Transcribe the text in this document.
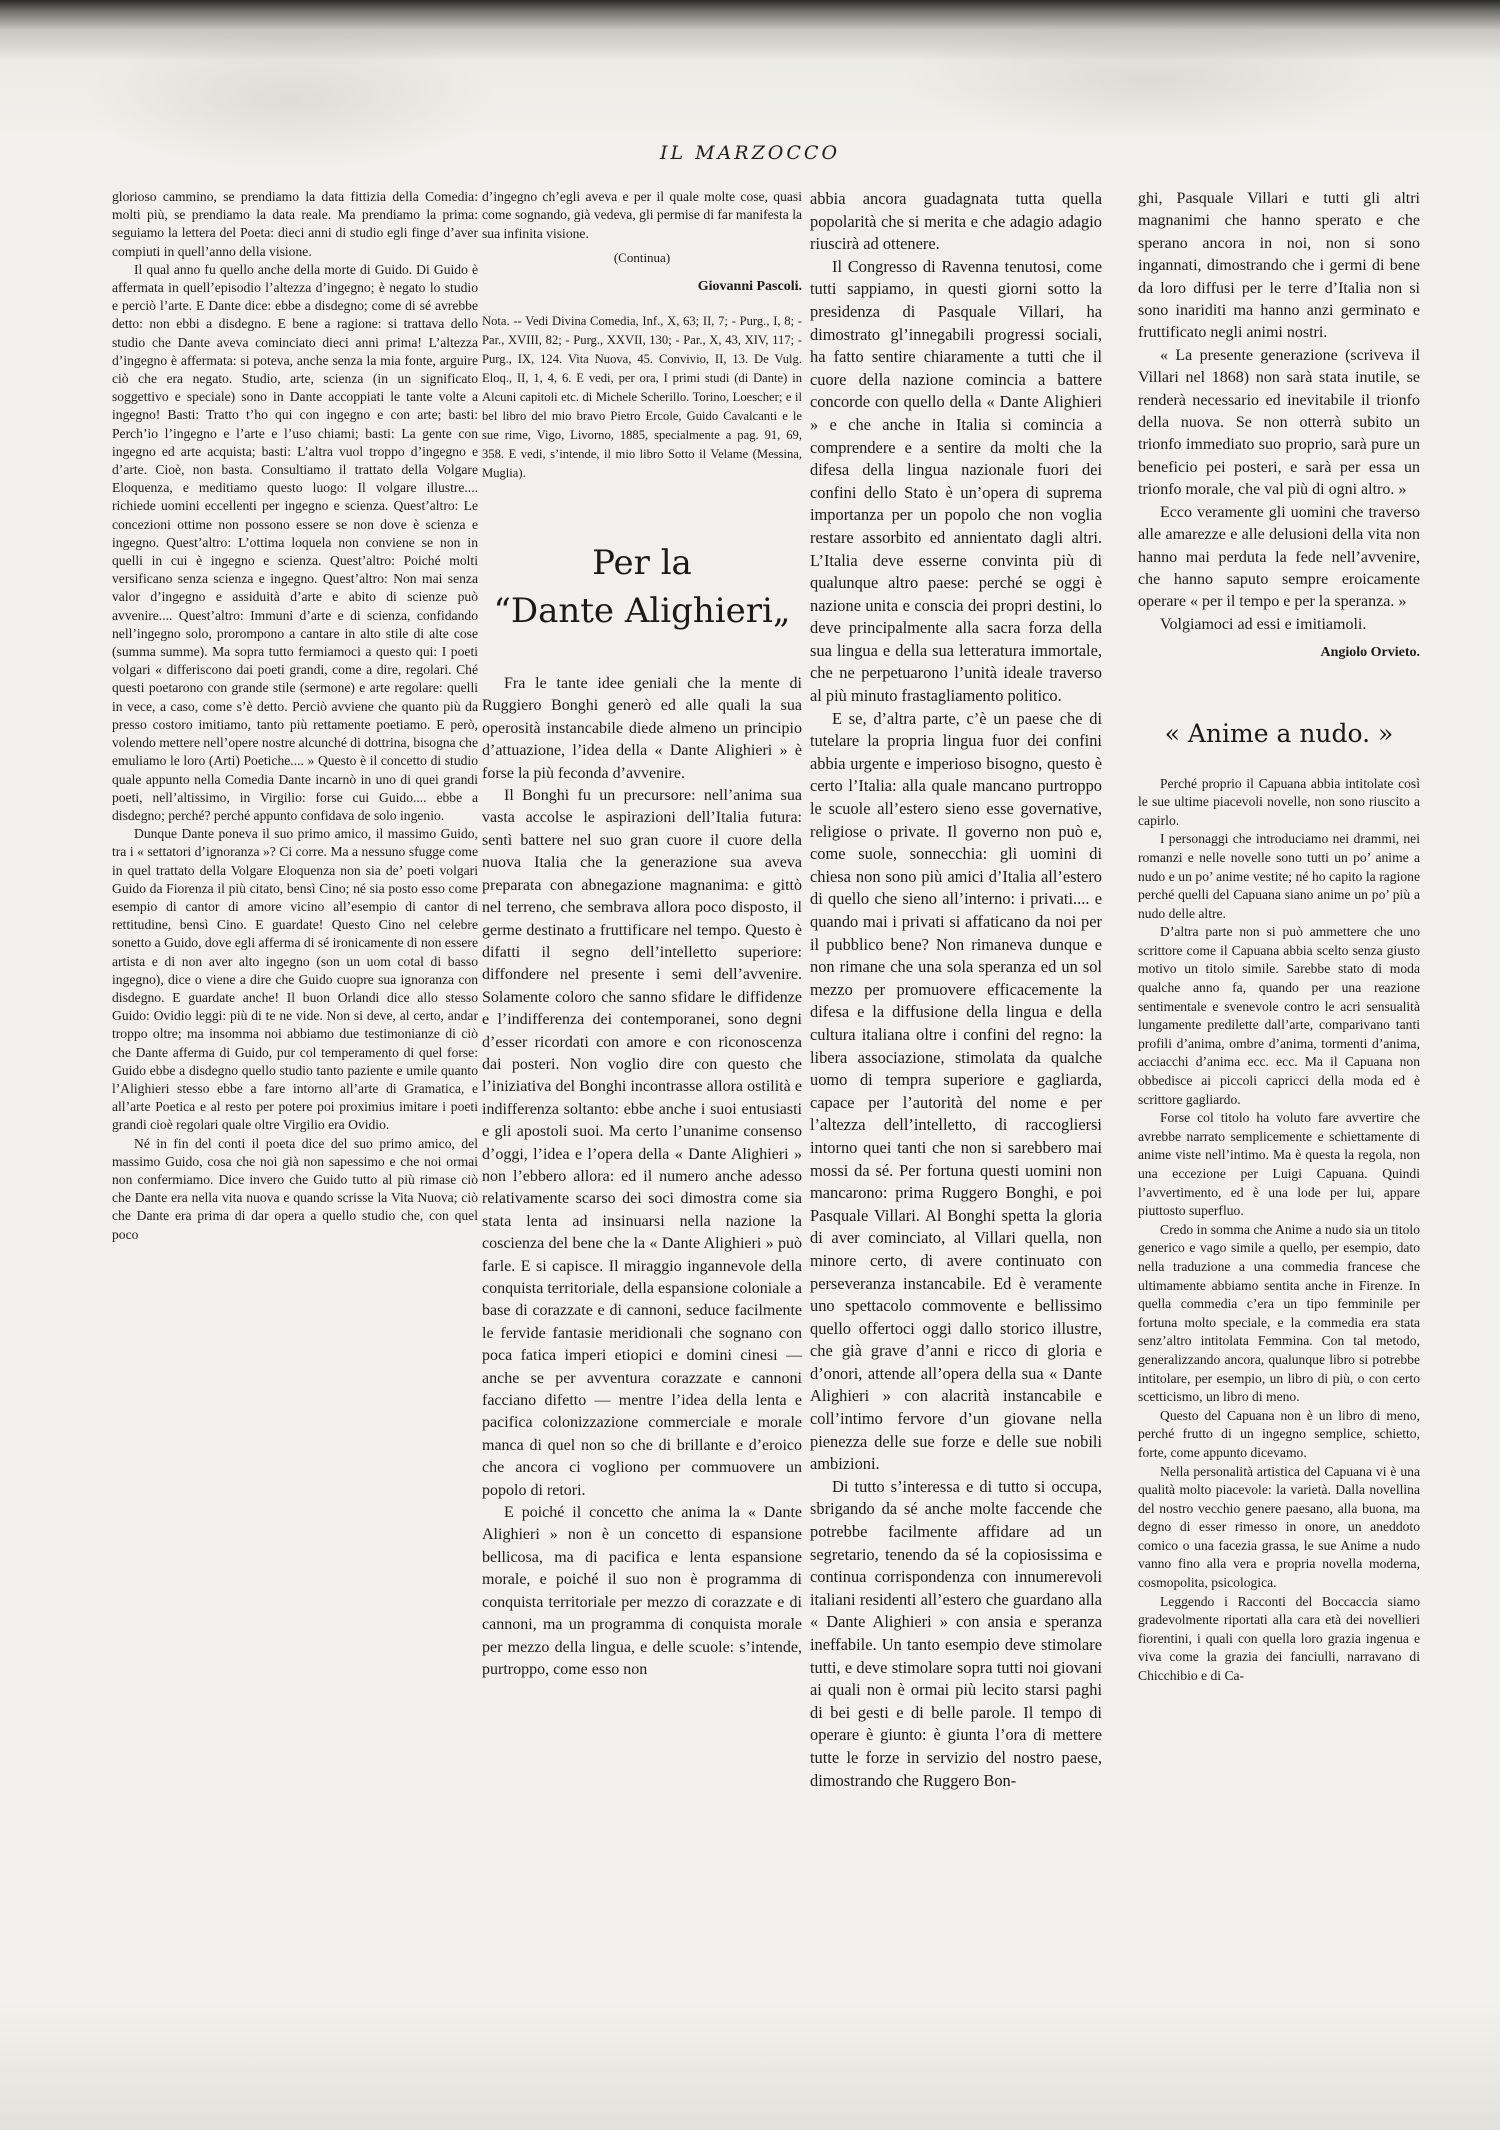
IL MARZOCCO

glorioso cammino, se prendiamo la data fittizia della Comedia: molti più, se prendiamo la data reale. Ma prendiamo la prima: seguiamo la lettera del Poeta: dieci anni di studio egli finge d’aver compiuti in quell’anno della visione.

Il qual anno fu quello anche della morte di Guido. Di Guido è affermata in quell’episodio l’altezza d’ingegno; è negato lo studio e perciò l’arte. E Dante dice: ebbe a disdegno; come di sé avrebbe detto: non ebbi a disdegno. E bene a ragione: si trattava dello studio che Dante aveva cominciato dieci anni prima! L’altezza d’ingegno è affermata: si poteva, anche senza la mia fonte, arguire ciò che era negato. Studio, arte, scienza (in un significato soggettivo e speciale) sono in Dante accoppiati le tante volte a ingegno! Basti: Tratto t’ho qui con ingegno e con arte; basti: Perch’io l’ingegno e l’arte e l’uso chiami; basti: La gente con ingegno ed arte acquista; basti: L’altra vuol troppo d’ingegno e d’arte. Cioè, non basta. Consultiamo il trattato della Volgare Eloquenza, e meditiamo questo luogo: Il volgare illustre.... richiede uomini eccellenti per ingegno e scienza. Quest’altro: Le concezioni ottime non possono essere se non dove è scienza e ingegno. Quest’altro: L’ottima loquela non conviene se non in quelli in cui è ingegno e scienza. Quest’altro: Poiché molti versificano senza scienza e ingegno. Quest’altro: Non mai senza valor d’ingegno e assiduità d’arte e abito di scienze può avvenire.... Quest’altro: Immuni d’arte e di scienza, confidando nell’ingegno solo, prorompono a cantare in alto stile di alte cose (summa summe). Ma sopra tutto fermiamoci a questo qui: I poeti volgari « differiscono dai poeti grandi, come a dire, regolari. Ché questi poetarono con grande stile (sermone) e arte regolare: quelli in vece, a caso, come s’è detto. Perciò avviene che quanto più da presso costoro imitiamo, tanto più rettamente poetiamo. E però, volendo mettere nell’opere nostre alcunché di dottrina, bisogna che emuliamo le loro (Arti) Poetiche.... » Questo è il concetto di studio quale appunto nella Comedia Dante incarnò in uno di quei grandi poeti, nell’altissimo, in Virgilio: forse cui Guido.... ebbe a disdegno; perché? perché appunto confidava de solo ingenio.

Dunque Dante poneva il suo primo amico, il massimo Guido, tra i « settatori d’ignoranza »? Ci corre. Ma a nessuno sfugge come in quel trattato della Volgare Eloquenza non sia de’ poeti volgari Guido da Fiorenza il più citato, bensì Cino; né sia posto esso come esempio di cantor di amore vicino all’esempio di cantor di rettitudine, bensì Cino. E guardate! Questo Cino nel celebre sonetto a Guido, dove egli afferma di sé ironicamente di non essere artista e di non aver alto ingegno (son un uom cotal di basso ingegno), dice o viene a dire che Guido cuopre sua ignoranza con disdegno. E guardate anche! Il buon Orlandi dice allo stesso Guido: Ovidio leggi: più di te ne vide. Non si deve, al certo, andar troppo oltre; ma insomma noi abbiamo due testimonianze di ciò che Dante afferma di Guido, pur col temperamento di quel forse: Guido ebbe a disdegno quello studio tanto paziente e umile quanto l’Alighieri stesso ebbe a fare intorno all’arte di Gramatica, e all’arte Poetica e al resto per potere poi proximius imitare i poeti grandi cioè regolari quale oltre Virgilio era Ovidio.

Né in fin del conti il poeta dice del suo primo amico, del massimo Guido, cosa che noi già non sapessimo e che noi ormai non confermiamo. Dice invero che Guido tutto al più rimase ciò che Dante era nella vita nuova e quando scrisse la Vita Nuova; ciò che Dante era prima di dar opera a quello studio che, con quel poco

d’ingegno ch’egli aveva e per il quale molte cose, quasi come sognando, già vedeva, gli permise di far manifesta la sua infinita visione.

(Continua)

Giovanni Pascoli.

Nota. -- Vedi Divina Comedia, Inf., X, 63; II, 7; - Purg., I, 8; - Par., XVIII, 82; - Purg., XXVII, 130; - Par., X, 43, XIV, 117; - Purg., IX, 124. Vita Nuova, 45. Convivio, II, 13. De Vulg. Eloq., II, 1, 4, 6. E vedi, per ora, I primi studi (di Dante) in Alcuni capitoli etc. di Michele Scherillo. Torino, Loescher; e il bel libro del mio bravo Pietro Ercole, Guido Cavalcanti e le sue rime, Vigo, Livorno, 1885, specialmente a pag. 91, 69, 358. E vedi, s’intende, il mio libro Sotto il Velame (Messina, Muglia).

Per la
“Dante Alighieri„

Fra le tante idee geniali che la mente di Ruggiero Bonghi generò ed alle quali la sua operosità instancabile diede almeno un principio d’attuazione, l’idea della « Dante Alighieri » è forse la più feconda d’avvenire.

Il Bonghi fu un precursore: nell’anima sua vasta accolse le aspirazioni dell’Italia futura: sentì battere nel suo gran cuore il cuore della nuova Italia che la generazione sua aveva preparata con abnegazione magnanima: e gittò nel terreno, che sembrava allora poco disposto, il germe destinato a fruttificare nel tempo. Questo è difatti il segno dell’intelletto superiore: diffondere nel presente i semi dell’avvenire. Solamente coloro che sanno sfidare le diffidenze e l’indifferenza dei contemporanei, sono degni d’esser ricordati con amore e con riconoscenza dai posteri. Non voglio dire con questo che l’iniziativa del Bonghi incontrasse allora ostilità e indifferenza soltanto: ebbe anche i suoi entusiasti e gli apostoli suoi. Ma certo l’unanime consenso d’oggi, l’idea e l’opera della « Dante Alighieri » non l’ebbero allora: ed il numero anche adesso relativamente scarso dei soci dimostra come sia stata lenta ad insinuarsi nella nazione la coscienza del bene che la « Dante Alighieri » può farle. E si capisce. Il miraggio ingannevole della conquista territoriale, della espansione coloniale a base di corazzate e di cannoni, seduce facilmente le fervide fantasie meridionali che sognano con poca fatica imperi etiopici e domini cinesi — anche se per avventura corazzate e cannoni facciano difetto — mentre l’idea della lenta e pacifica colonizzazione commerciale e morale manca di quel non so che di brillante e d’eroico che ancora ci vogliono per commuovere un popolo di retori.

E poiché il concetto che anima la « Dante Alighieri » non è un concetto di espansione bellicosa, ma di pacifica e lenta espansione morale, e poiché il suo non è programma di conquista territoriale per mezzo di corazzate e di cannoni, ma un programma di conquista morale per mezzo della lingua, e delle scuole: s’intende, purtroppo, come esso non

abbia ancora guadagnata tutta quella popolarità che si merita e che adagio adagio riuscirà ad ottenere.

Il Congresso di Ravenna tenutosi, come tutti sappiamo, in questi giorni sotto la presidenza di Pasquale Villari, ha dimostrato gl’innegabili progressi sociali, ha fatto sentire chiaramente a tutti che il cuore della nazione comincia a battere concorde con quello della « Dante Alighieri » e che anche in Italia si comincia a comprendere e a sentire da molti che la difesa della lingua nazionale fuori dei confini dello Stato è un’opera di suprema importanza per un popolo che non voglia restare assorbito ed annientato dagli altri. L’Italia deve esserne convinta più di qualunque altro paese: perché se oggi è nazione unita e conscia dei propri destini, lo deve principalmente alla sacra forza della sua lingua e della sua letteratura immortale, che ne perpetuarono l’unità ideale traverso al più minuto frastagliamento politico.

E se, d’altra parte, c’è un paese che di tutelare la propria lingua fuor dei confini abbia urgente e imperioso bisogno, questo è certo l’Italia: alla quale mancano purtroppo le scuole all’estero sieno esse governative, religiose o private. Il governo non può e, come suole, sonnecchia: gli uomini di chiesa non sono più amici d’Italia all’estero di quello che sieno all’interno: i privati.... e quando mai i privati si affaticano da noi per il pubblico bene? Non rimaneva dunque e non rimane che una sola speranza ed un sol mezzo per promuovere efficacemente la difesa e la diffusione della lingua e della cultura italiana oltre i confini del regno: la libera associazione, stimolata da qualche uomo di tempra superiore e gagliarda, capace per l’autorità del nome e per l’altezza dell’intelletto, di raccogliersi intorno quei tanti che non si sarebbero mai mossi da sé. Per fortuna questi uomini non mancarono: prima Ruggero Bonghi, e poi Pasquale Villari. Al Bonghi spetta la gloria di aver cominciato, al Villari quella, non minore certo, di avere continuato con perseveranza instancabile. Ed è veramente uno spettacolo commovente e bellissimo quello offertoci oggi dallo storico illustre, che già grave d’anni e ricco di gloria e d’onori, attende all’opera della sua « Dante Alighieri » con alacrità instancabile e coll’intimo fervore d’un giovane nella pienezza delle sue forze e delle sue nobili ambizioni.

Di tutto s’interessa e di tutto si occupa, sbrigando da sé anche molte faccende che potrebbe facilmente affidare ad un segretario, tenendo da sé la copiosissima e continua corrispondenza con innumerevoli italiani residenti all’estero che guardano alla « Dante Alighieri » con ansia e speranza ineffabile. Un tanto esempio deve stimolare tutti, e deve stimolare sopra tutti noi giovani ai quali non è ormai più lecito starsi paghi di bei gesti e di belle parole. Il tempo di operare è giunto: è giunta l’ora di mettere tutte le forze in servizio del nostro paese, dimostrando che Ruggero Bon-

ghi, Pasquale Villari e tutti gli altri magnanimi che hanno sperato e che sperano ancora in noi, non si sono ingannati, dimostrando che i germi di bene da loro diffusi per le terre d’Italia non si sono inariditi ma hanno anzi germinato e fruttificato negli animi nostri.

« La presente generazione (scriveva il Villari nel 1868) non sarà stata inutile, se renderà necessario ed inevitabile il trionfo della nuova. Se non otterrà subito un trionfo immediato suo proprio, sarà pure un beneficio pei posteri, e sarà per essa un trionfo morale, che val più di ogni altro. »

Ecco veramente gli uomini che traverso alle amarezze e alle delusioni della vita non hanno mai perduta la fede nell’avvenire, che hanno saputo sempre eroicamente operare « per il tempo e per la speranza. »

Volgiamoci ad essi e imitiamoli.

Angiolo Orvieto.

« Anime a nudo. »

Perché proprio il Capuana abbia intitolate così le sue ultime piacevoli novelle, non sono riuscito a capirlo.

I personaggi che introduciamo nei drammi, nei romanzi e nelle novelle sono tutti un po’ anime a nudo e un po’ anime vestite; né ho capito la ragione perché quelli del Capuana siano anime un po’ più a nudo delle altre.

D’altra parte non si può ammettere che uno scrittore come il Capuana abbia scelto senza giusto motivo un titolo simile. Sarebbe stato di moda qualche anno fa, quando per una reazione sentimentale e svenevole contro le acri sensualità lungamente predilette dall’arte, comparivano tanti profili d’anima, ombre d’anima, tormenti d’anima, acciacchi d’anima ecc. ecc. Ma il Capuana non obbedisce ai piccoli capricci della moda ed è scrittore gagliardo.

Forse col titolo ha voluto fare avvertire che avrebbe narrato semplicemente e schiettamente di anime viste nell’intimo. Ma è questa la regola, non una eccezione per Luigi Capuana. Quindi l’avvertimento, ed è una lode per lui, appare piuttosto superfluo.

Credo in somma che Anime a nudo sia un titolo generico e vago simile a quello, per esempio, dato nella traduzione a una commedia francese che ultimamente abbiamo sentita anche in Firenze. In quella commedia c’era un tipo femminile per fortuna molto speciale, e la commedia era stata senz’altro intitolata Femmina. Con tal metodo, generalizzando ancora, qualunque libro si potrebbe intitolare, per esempio, un libro di più, o con certo scetticismo, un libro di meno.

Questo del Capuana non è un libro di meno, perché frutto di un ingegno semplice, schietto, forte, come appunto dicevamo.

Nella personalità artistica del Capuana vi è una qualità molto piacevole: la varietà. Dalla novellina del nostro vecchio genere paesano, alla buona, ma degno di esser rimesso in onore, un aneddoto comico o una facezia grassa, le sue Anime a nudo vanno fino alla vera e propria novella moderna, cosmopolita, psicologica.

Leggendo i Racconti del Boccaccia siamo gradevolmente riportati alla cara età dei novellieri fiorentini, i quali con quella loro grazia ingenua e viva come la grazia dei fanciulli, narravano di Chicchibio e di Ca-
